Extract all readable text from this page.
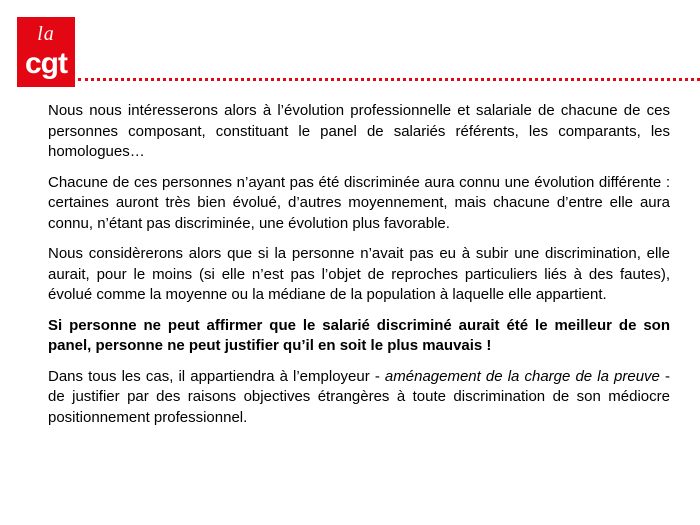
la
cgt

Nous nous intéresserons alors à l’évolution professionnelle et salariale de chacune de ces personnes composant, constituant le panel de salariés référents, les comparants, les homologues…

Chacune de ces personnes n’ayant pas été discriminée aura connu une évolution différente : certaines auront très bien évolué, d’autres moyennement, mais chacune d’entre elle aura connu, n’étant pas discriminée, une évolution plus favorable.

Nous considèrerons alors que si la personne n’avait pas eu à subir une discrimination, elle aurait, pour le moins (si elle n’est pas l’objet de reproches particuliers liés à des fautes), évolué comme la moyenne ou la médiane de la population à laquelle elle appartient.

Si personne ne peut affirmer que le salarié discriminé aurait été le meilleur de son panel, personne ne peut justifier qu’il en soit le plus mauvais !

Dans tous les cas, il appartiendra à l’employeur - aménagement de la charge de la preuve - de justifier par des raisons objectives étrangères à toute discrimination de son médiocre positionnement professionnel.
